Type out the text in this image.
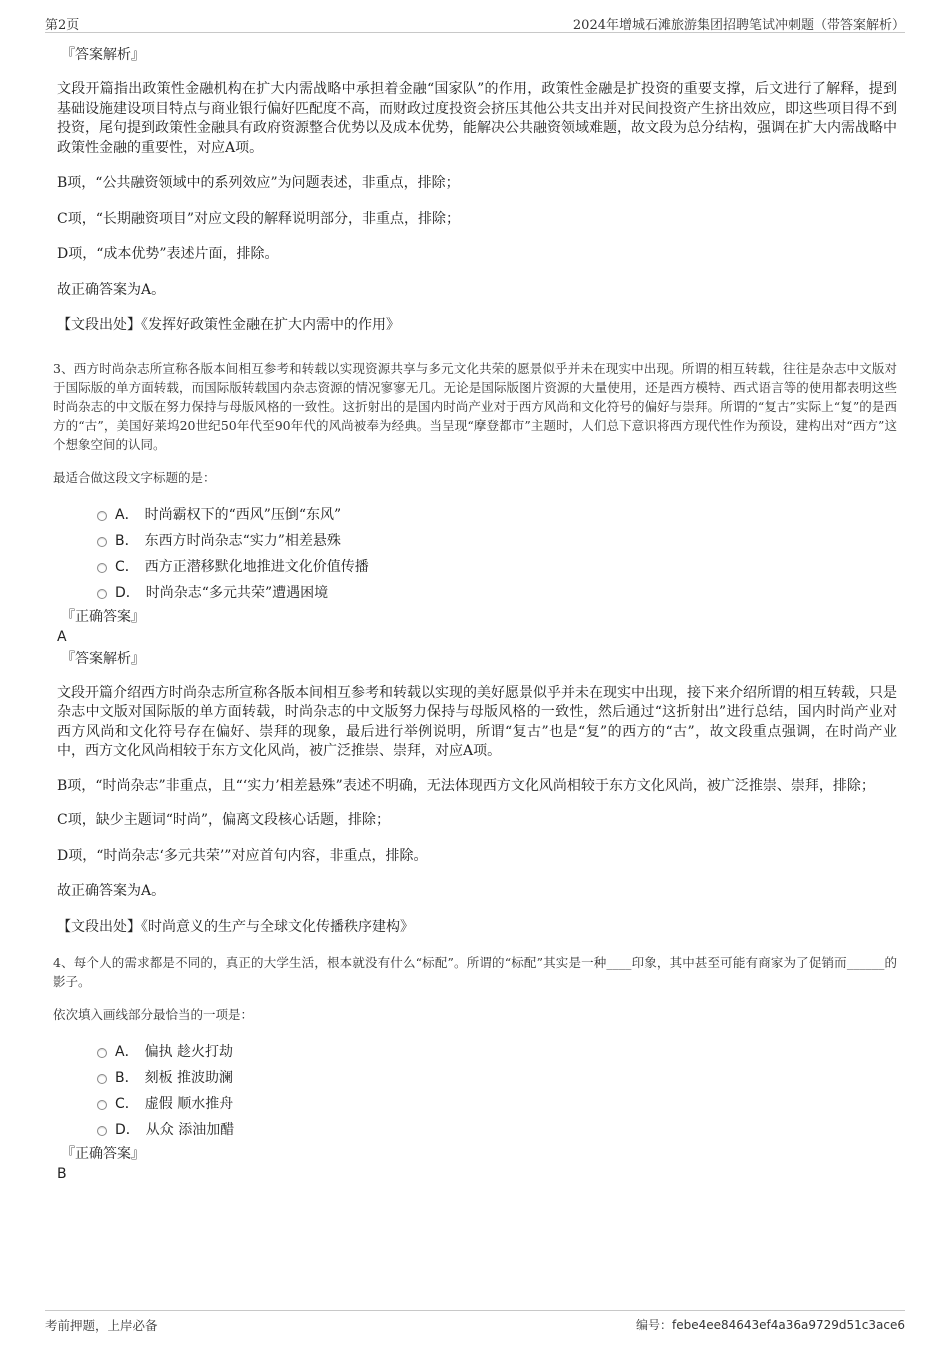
第2页	2024年增城石滩旅游集团招聘笔试冲刺题（带答案解析）

『答案解析』

文段开篇指出政策性金融机构在扩大内需战略中承担着金融“国家队”的作用，政策性金融是扩投资的重要支撑，后文进行了解释，提到基础设施建设项目特点与商业银行偏好匹配度不高，而财政过度投资会挤压其他公共支出并对民间投资产生挤出效应，即这些项目得不到投资，尾句提到政策性金融具有政府资源整合优势以及成本优势，能解决公共融资领域难题，故文段为总分结构，强调在扩大内需战略中政策性金融的重要性，对应A项。

B项，“公共融资领域中的系列效应”为问题表述，非重点，排除；

C项，“长期融资项目”对应文段的解释说明部分，非重点，排除；

D项，“成本优势”表述片面，排除。

故正确答案为A。

【文段出处】《发挥好政策性金融在扩大内需中的作用》

3、西方时尚杂志所宣称各版本间相互参考和转载以实现资源共享与多元文化共荣的愿景似乎并未在现实中出现。所谓的相互转载，往往是杂志中文版对于国际版的单方面转载，而国际版转载国内杂志资源的情况寥寥无几。无论是国际版图片资源的大量使用，还是西方模特、西式语言等的使用都表明这些时尚杂志的中文版在努力保持与母版风格的一致性。这折射出的是国内时尚产业对于西方风尚和文化符号的偏好与崇拜。所谓的“复古”实际上“复”的是西方的“古”，美国好莱坞20世纪50年代至90年代的风尚被奉为经典。当呈现“摩登都市”主题时，人们总下意识将西方现代性作为预设，建构出对“西方”这个想象空间的认同。

最适合做这段文字标题的是：

A． 时尚霸权下的“西风”压倒“东风”
B． 东西方时尚杂志“实力”相差悬殊
C． 西方正潜移默化地推进文化价值传播
D． 时尚杂志“多元共荣”遭遇困境

『正确答案』

A

『答案解析』

文段开篇介绍西方时尚杂志所宣称各版本间相互参考和转载以实现的美好愿景似乎并未在现实中出现，接下来介绍所谓的相互转载，只是杂志中文版对国际版的单方面转载，时尚杂志的中文版努力保持与母版风格的一致性，然后通过“这折射出”进行总结，国内时尚产业对西方风尚和文化符号存在偏好、崇拜的现象，最后进行举例说明，所谓“复古”也是“复”的西方的“古”，故文段重点强调，在时尚产业中，西方文化风尚相较于东方文化风尚，被广泛推崇、崇拜，对应A项。

B项，“时尚杂志”非重点，且“‘实力’相差悬殊”表述不明确，无法体现西方文化风尚相较于东方文化风尚，被广泛推崇、崇拜，排除；

C项，缺少主题词“时尚”，偏离文段核心话题，排除；

D项，“时尚杂志‘多元共荣’”对应首句内容，非重点，排除。

故正确答案为A。

【文段出处】《时尚意义的生产与全球文化传播秩序建构》

4、每个人的需求都是不同的，真正的大学生活，根本就没有什么“标配”。所谓的“标配”其实是一种____印象，其中甚至可能有商家为了促销而______的影子。

依次填入画线部分最恰当的一项是：

A． 偏执 趁火打劫
B． 刻板 推波助澜
C． 虚假 顺水推舟
D． 从众 添油加醋

『正确答案』

B

考前押题，上岸必备	编号：febe4ee84643ef4a36a9729d51c3ace6
